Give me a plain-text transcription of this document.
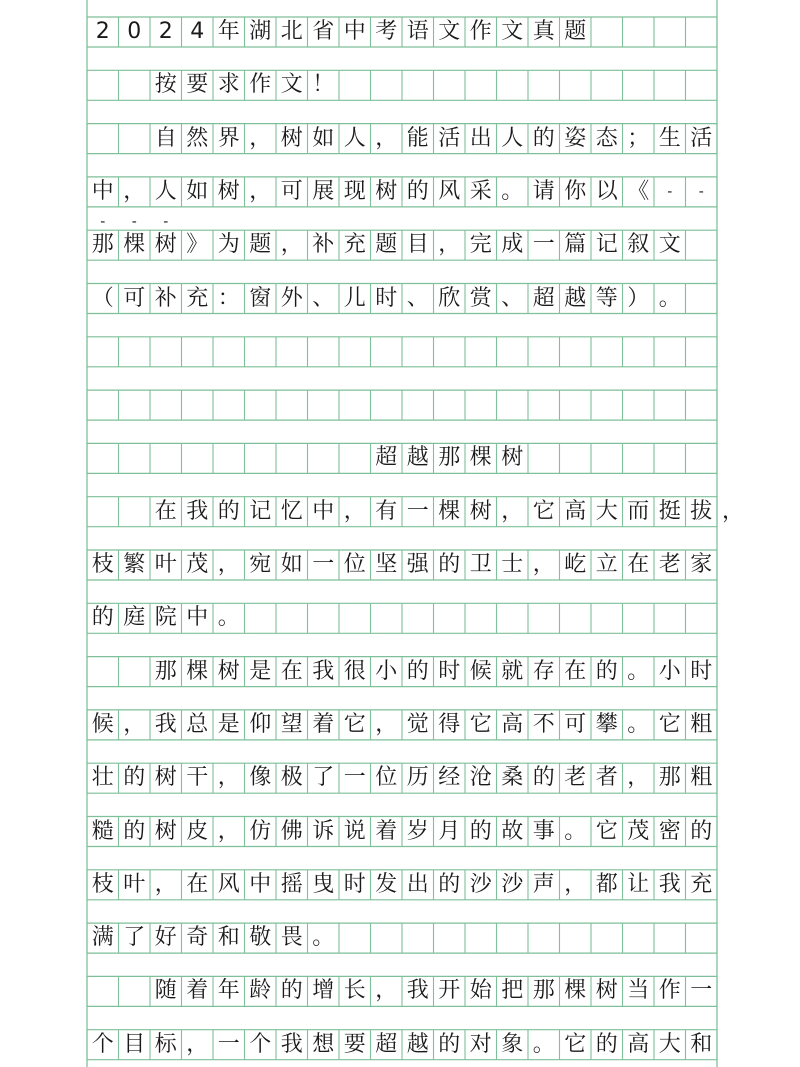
2 0 2 4 年 湖 北 省 中 考 语 文 作 文 真 题
按 要 求 作 文 ！
自 然 界 ， 树 如 人 ， 能 活 出 人 的 姿 态 ； 生 活
中 ， 人 如 树 ， 可 展 现 树 的 风 采 。 请 你 以 《	-	-
-	-	-
那 棵 树 》 为 题 ， 补 充 题 目 ， 完 成 一 篇 记 叙 文
（ 可 补 充 ： 窗 外 、 儿 时 、 欣 赏 、 超 越 等 ） 。
超 越 那 棵 树
在 我 的 记 忆 中 ， 有 一 棵 树 ， 它 高 大 而 挺 拔
枝 繁 叶 茂 ， 宛 如 一 位 坚 强 的 卫 士 ， 屹 立 在 老 家
的 庭 院 中 。
那 棵 树 是 在 我 很 小 的 时 候 就 存 在 的 。 小 时
候 ， 我 总 是 仰 望 着 它 ， 觉 得 它 高 不 可 攀 。 它 粗
壮 的 树 干 ， 像 极 了 一 位 历 经 沧 桑 的 老 者 ， 那 粗
糙 的 树 皮 ， 仿 佛 诉 说 着 岁 月 的 故 事 。 它 茂 密 的
枝 叶 ， 在 风 中 摇 曳 时 发 出 的 沙 沙 声 ， 都 让 我 充
满 了 好 奇 和 敬 畏 。
随 着 年 龄 的 增 长 ， 我 开 始 把 那 棵 树 当 作 一
个 目 标 ， 一 个 我 想 要 超 越 的 对 象 。 它 的 高 大 和
，
